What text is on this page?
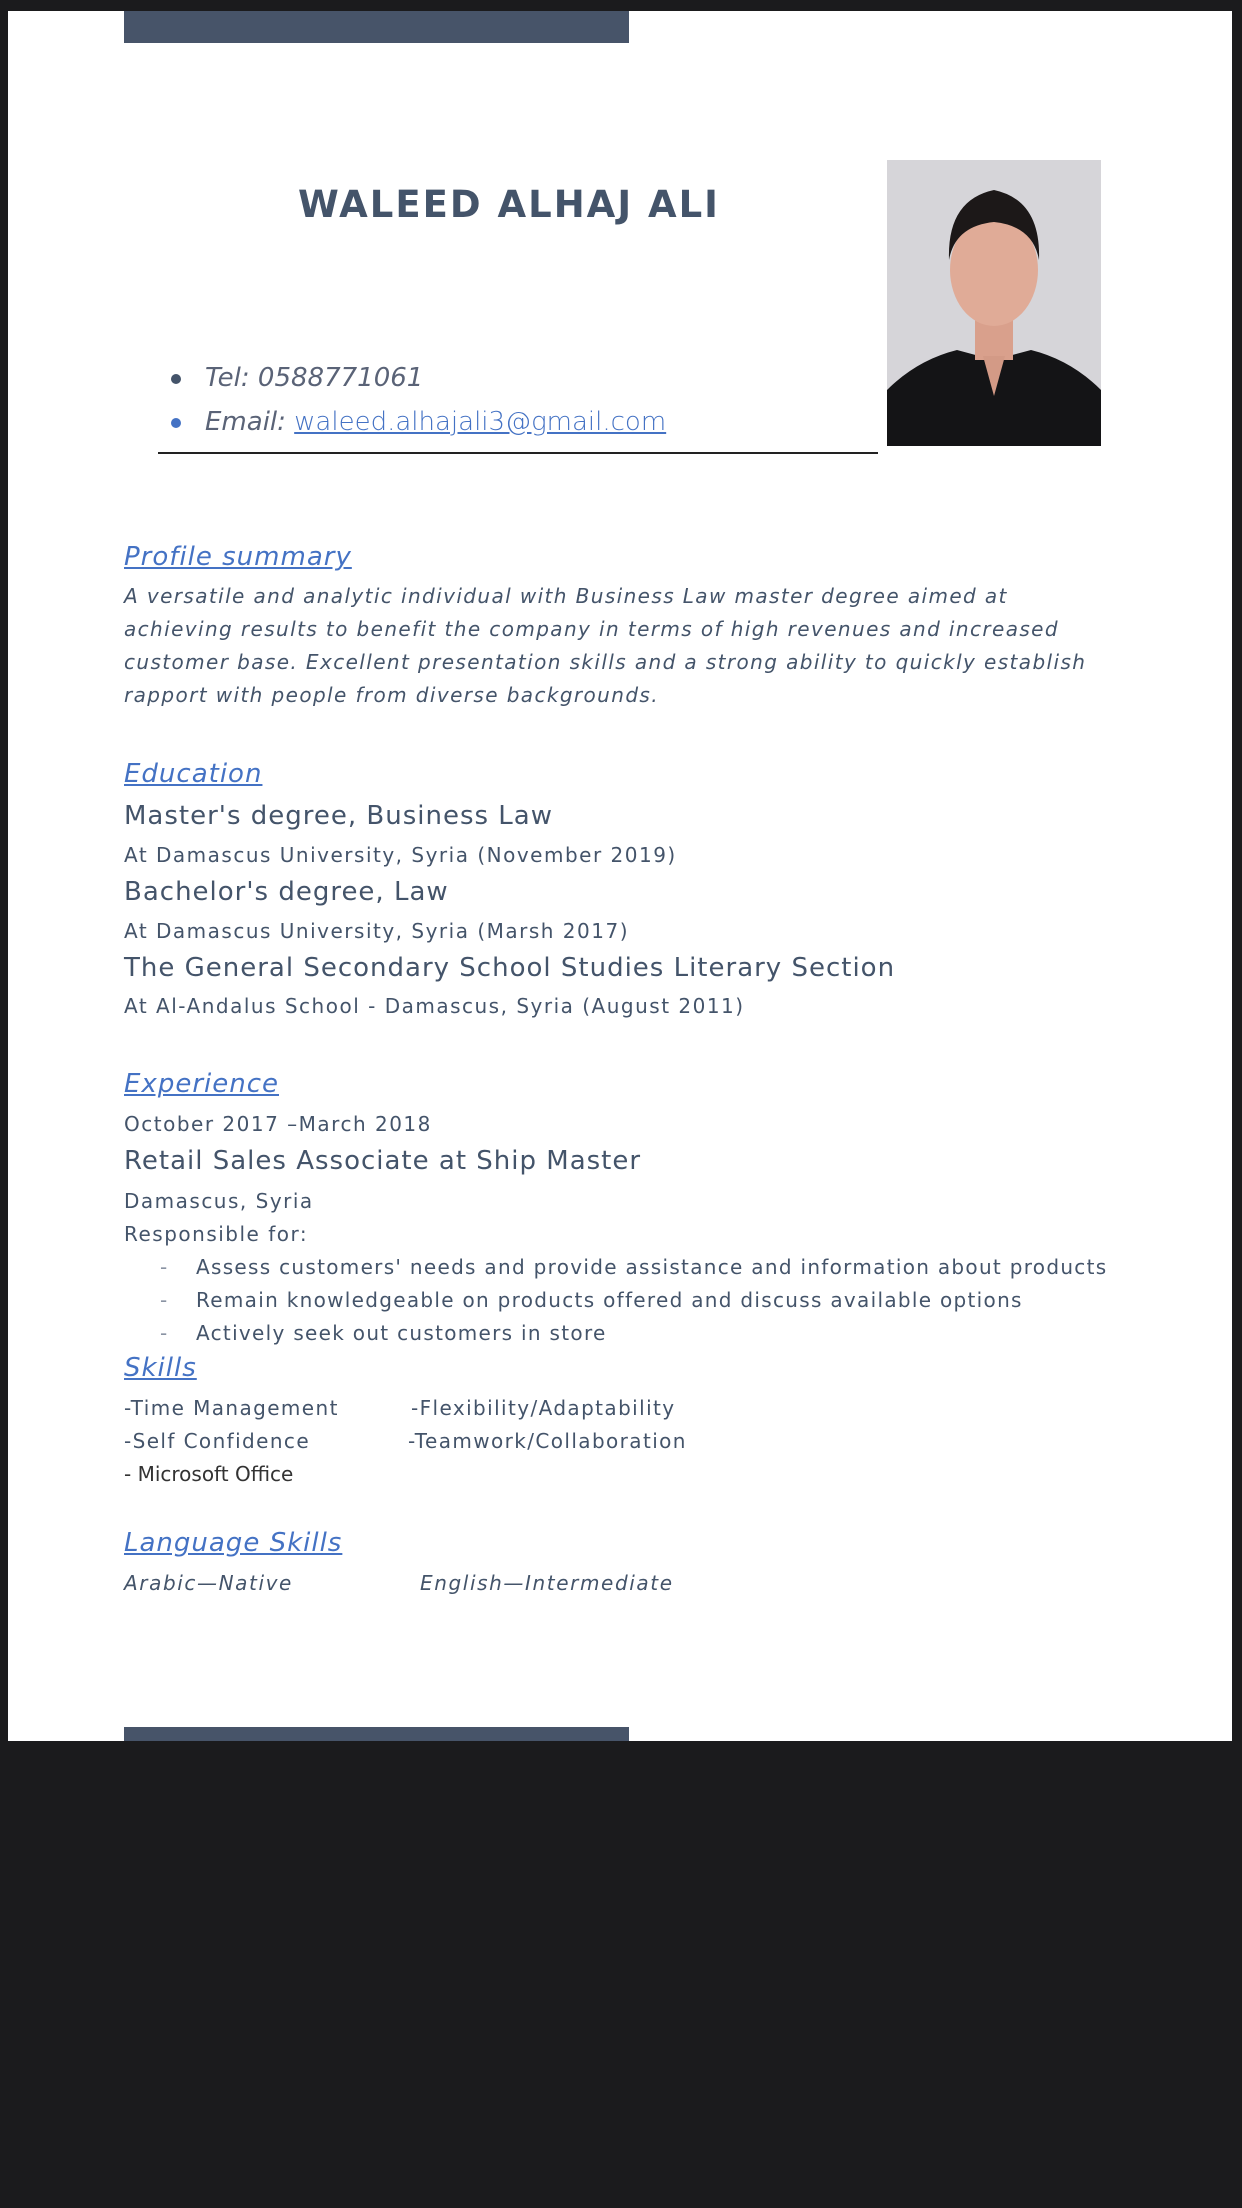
WALEED ALHAJ ALI
Tel: 0588771061
Email: waleed.alhajali3@gmail.com
Profile summary
A versatile and analytic individual with Business Law master degree aimed at achieving results to benefit the company in terms of high revenues and increased customer base. Excellent presentation skills and a strong ability to quickly establish rapport with people from diverse backgrounds.
Education
Master's degree, Business Law
At Damascus University, Syria (November 2019)
Bachelor's degree, Law
At Damascus University, Syria (Marsh 2017)
The General Secondary School Studies Literary Section
At Al-Andalus School - Damascus, Syria (August 2011)
Experience
October 2017 –March 2018
Retail Sales Associate at Ship Master
Damascus, Syria
Responsible for:
- Assess customers' needs and provide assistance and information about products
- Remain knowledgeable on products offered and discuss available options
- Actively seek out customers in store
Skills
-Time Management	-Flexibility/Adaptability
-Self Confidence	-Teamwork/Collaboration
- Microsoft Office
Language Skills
Arabic—Native	English—Intermediate
